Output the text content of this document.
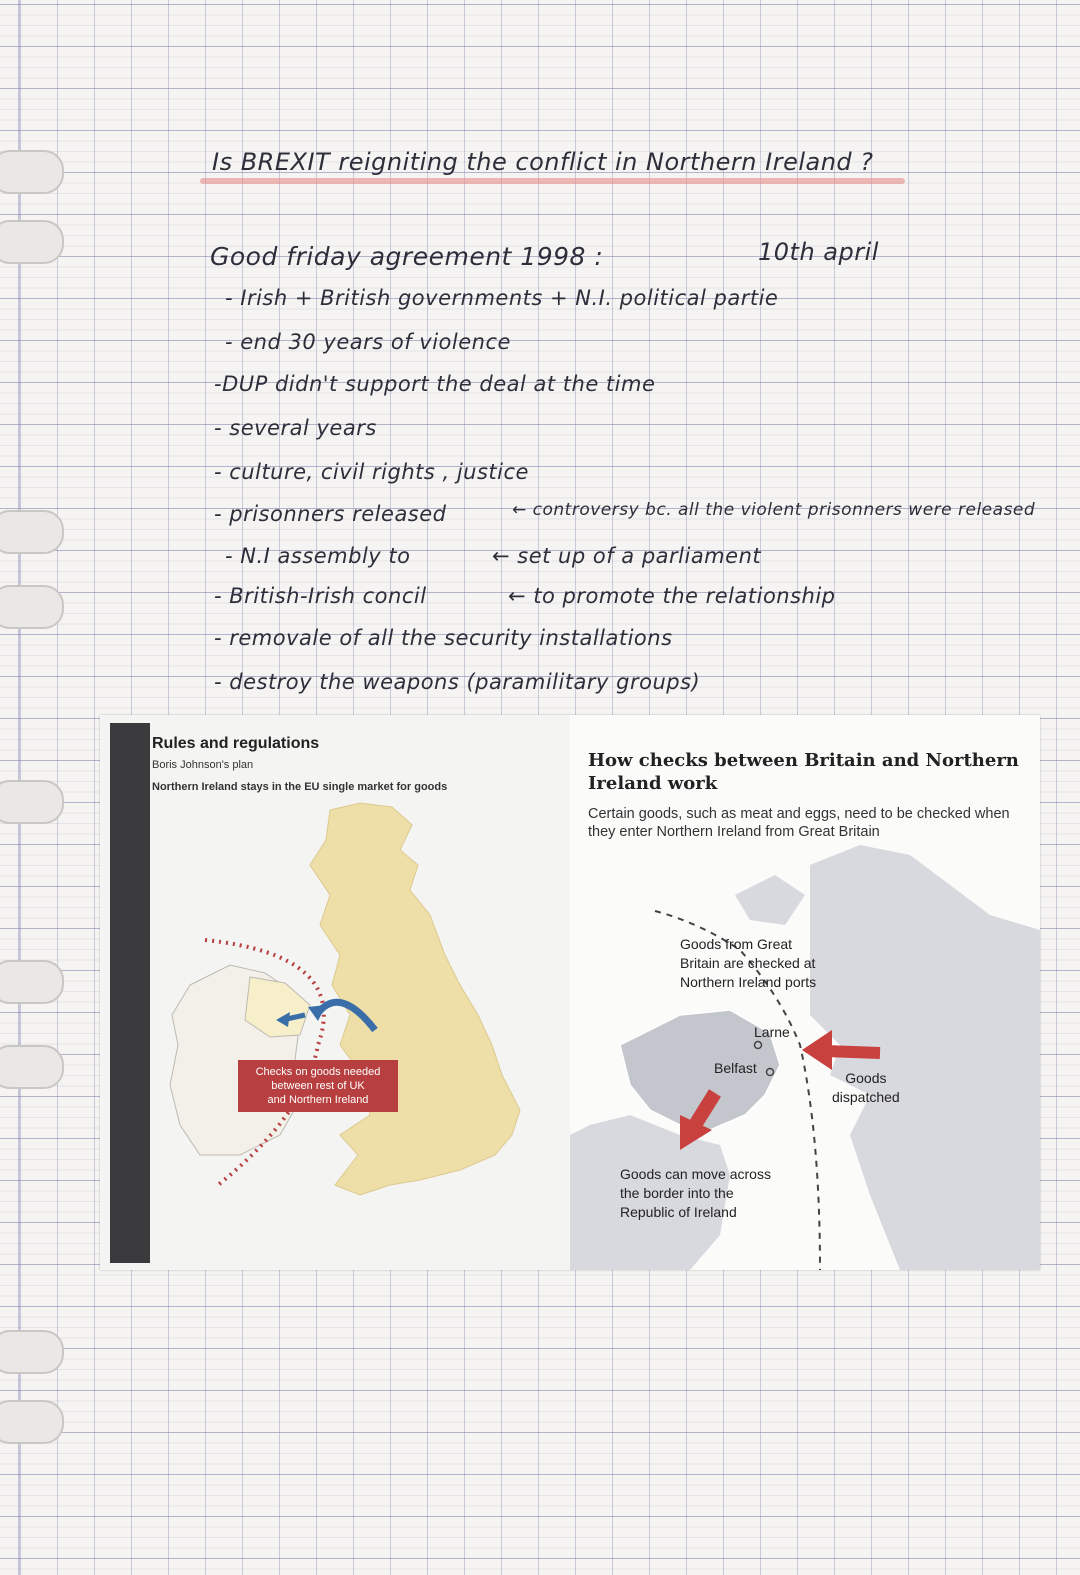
Is BREXIT reigniting the conflict in Northern Ireland ?
Good friday agreement 1998 :	10th april
- Irish + British governments + N.I. political partie
- end 30 years of violence
-DUP didn't support the deal at the time
- several years
- culture, civil rights , justice
- prisonners released
- N.I assembly to
- British-Irish concil
- removale of all the security installations
- destroy the weapons (paramilitary groups)
← controversy bc. all the violent prisonners were released
← set up of a parliament
← to promote the relationship
Rules and regulations
Boris Johnson's plan
Northern Ireland stays in the EU single market for goods
Checks on goods needed
between rest of UK
and Northern Ireland
How checks between Britain and Northern Ireland work
Certain goods, such as meat and eggs, need to be checked when they enter Northern Ireland from Great Britain
Goods from Great
Britain are checked at
Northern Ireland ports
Larne
Belfast
Goods
dispatched
Goods can move across
the border into the
Republic of Ireland
